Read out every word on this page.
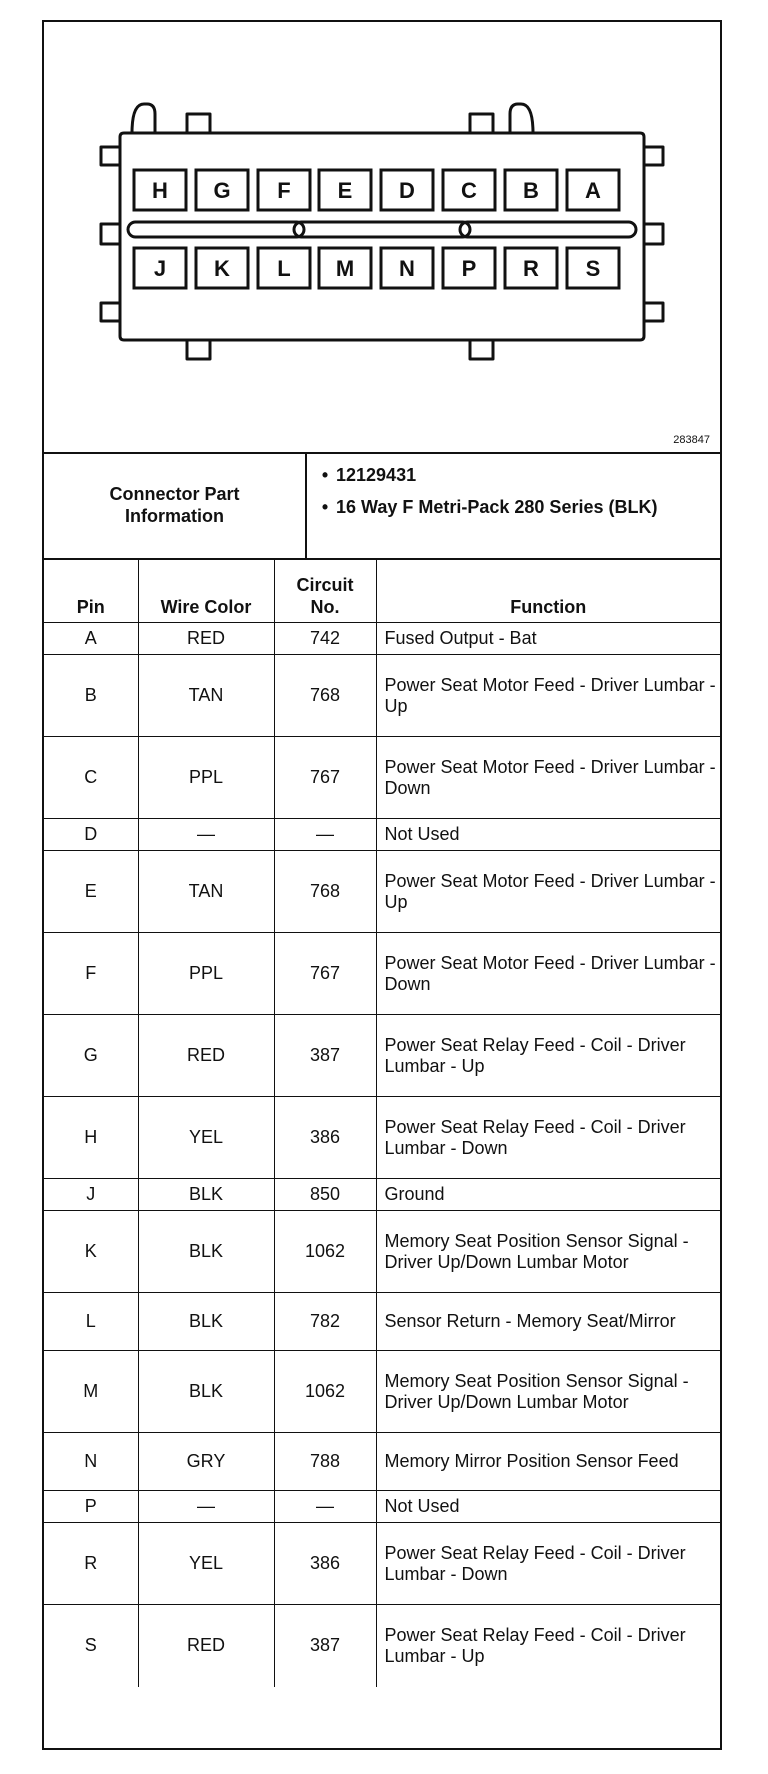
H G F E D C B A
J K L M N P R S
283847
Connector Part Information
• 12129431
• 16 Way F Metri-Pack 280 Series (BLK)
Pin	Wire Color	Circuit No.	Function
A	RED	742	Fused Output - Bat
B	TAN	768	Power Seat Motor Feed - Driver Lumbar - Up
C	PPL	767	Power Seat Motor Feed - Driver Lumbar - Down
D	—	—	Not Used
E	TAN	768	Power Seat Motor Feed - Driver Lumbar - Up
F	PPL	767	Power Seat Motor Feed - Driver Lumbar - Down
G	RED	387	Power Seat Relay Feed - Coil - Driver Lumbar - Up
H	YEL	386	Power Seat Relay Feed - Coil - Driver Lumbar - Down
J	BLK	850	Ground
K	BLK	1062	Memory Seat Position Sensor Signal - Driver Up/Down Lumbar Motor
L	BLK	782	Sensor Return - Memory Seat/Mirror
M	BLK	1062	Memory Seat Position Sensor Signal - Driver Up/Down Lumbar Motor
N	GRY	788	Memory Mirror Position Sensor Feed
P	—	—	Not Used
R	YEL	386	Power Seat Relay Feed - Coil - Driver Lumbar - Down
S	RED	387	Power Seat Relay Feed - Coil - Driver Lumbar - Up
